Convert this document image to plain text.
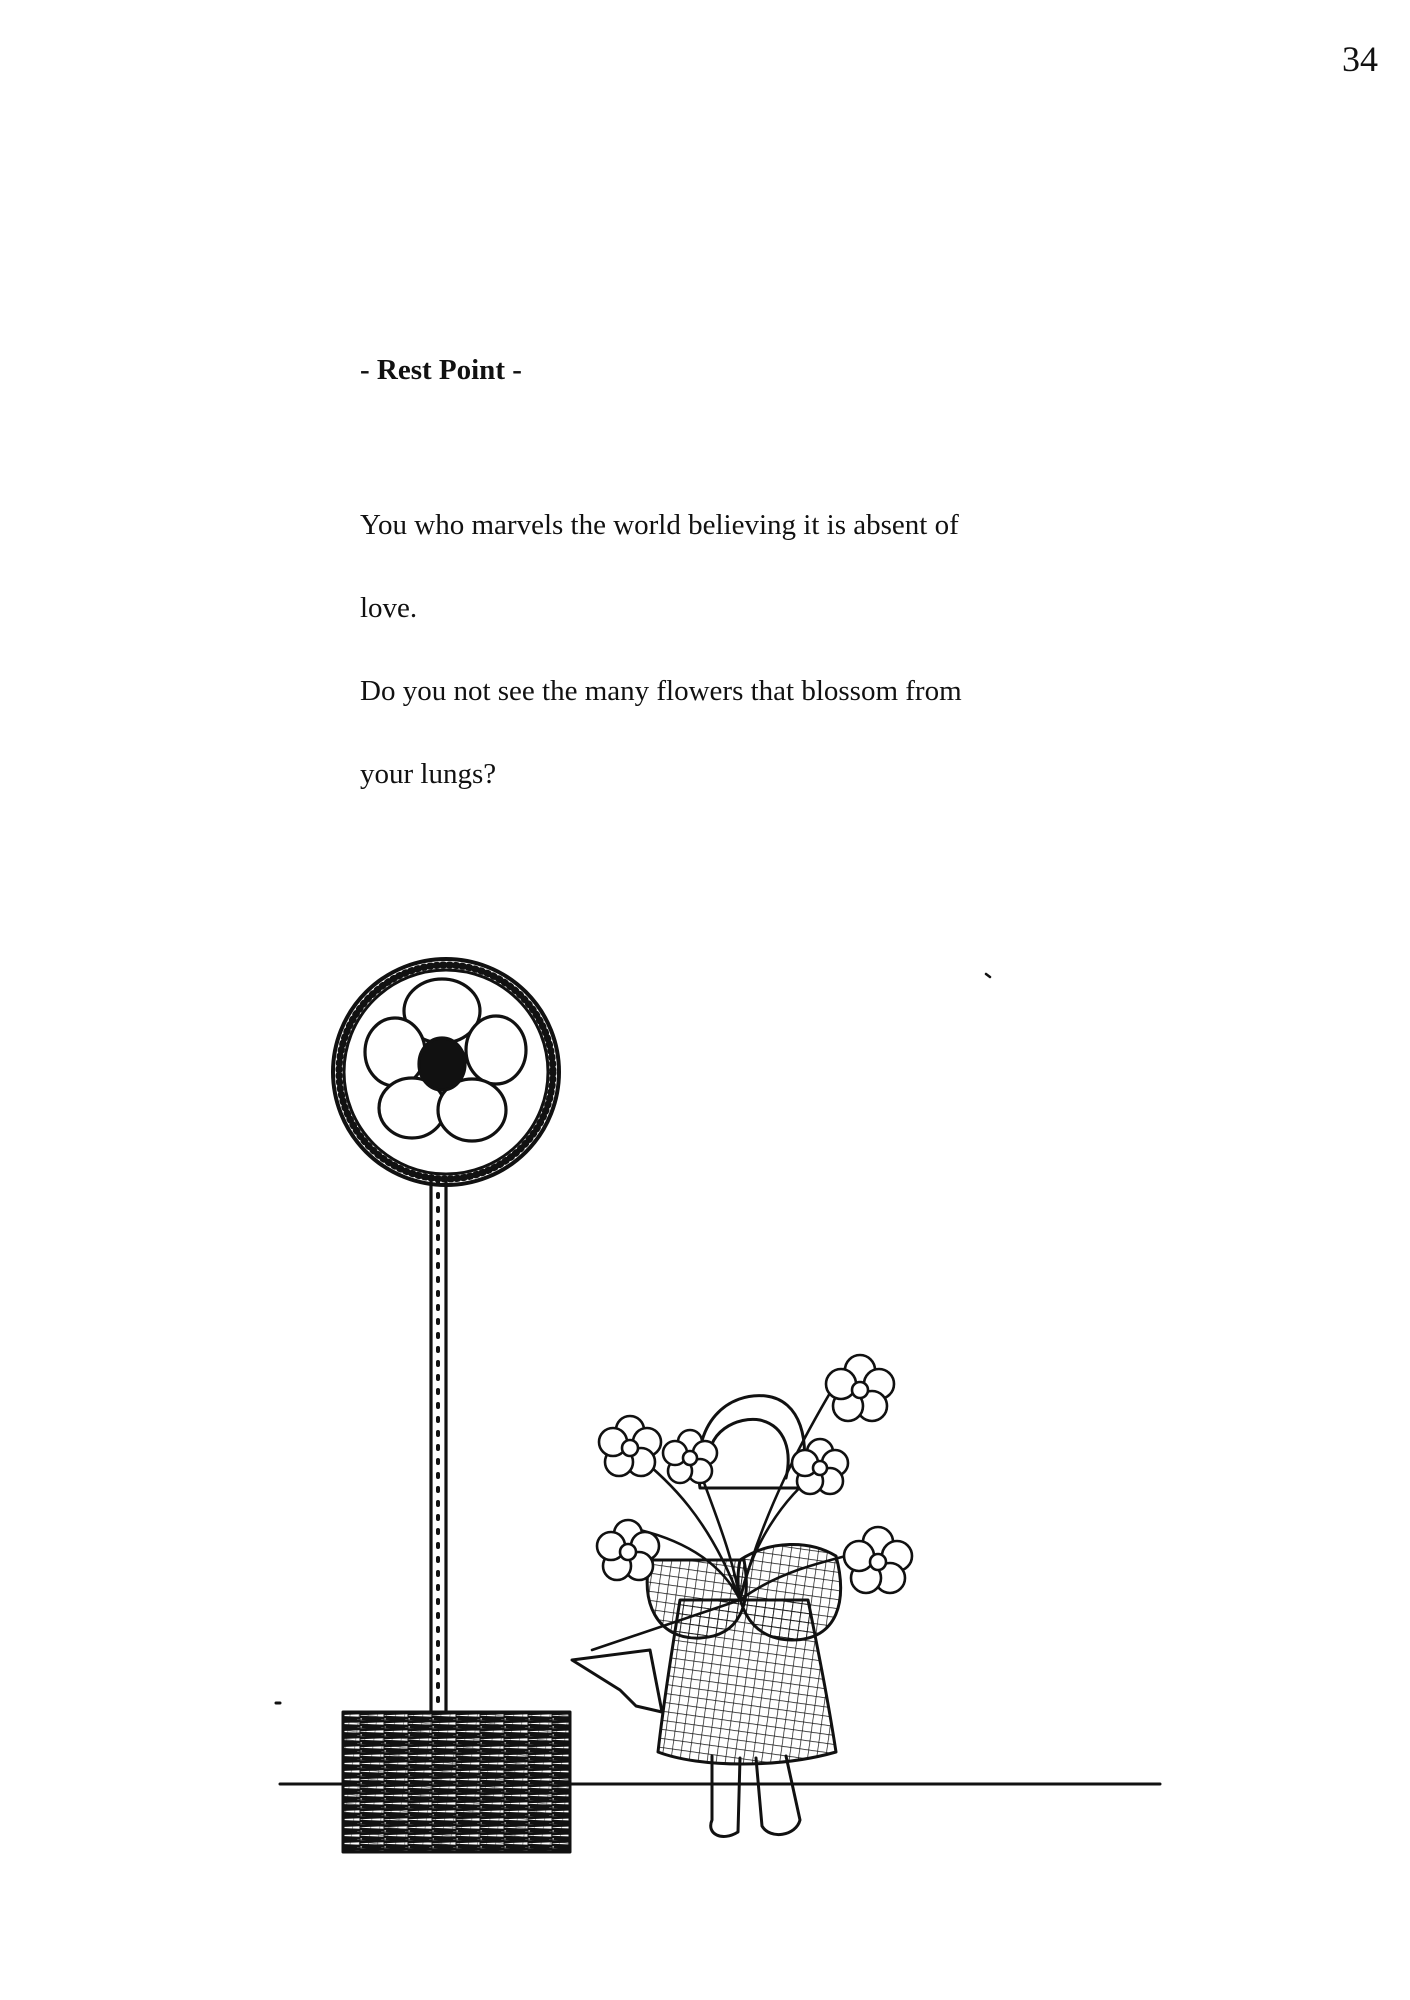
34
- Rest Point -
You who marvels the world believing it is absent of
love.
Do you not see the many flowers that blossom from
your lungs?
